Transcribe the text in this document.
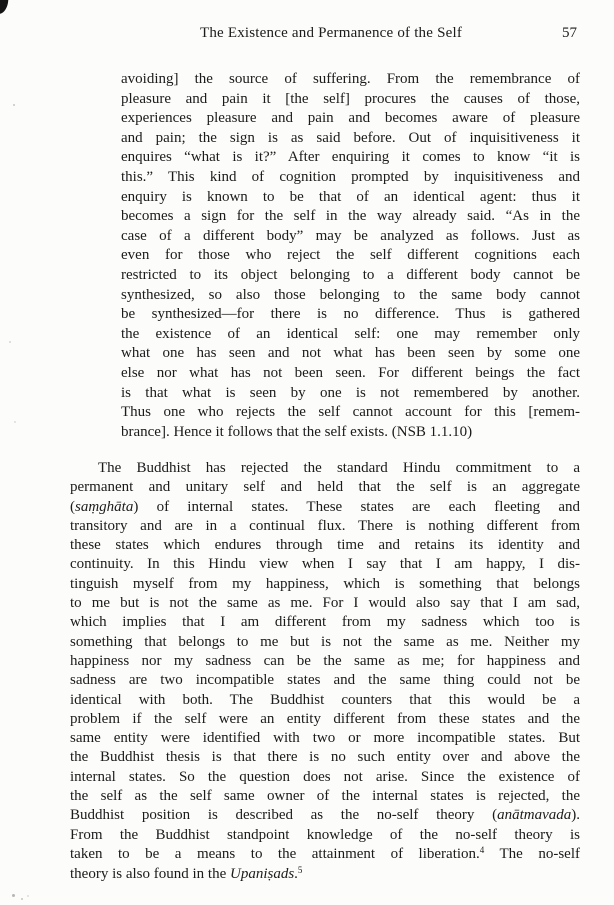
The Existence and Permanence of the Self	57
avoiding] the source of suffering. From the remembrance of
pleasure and pain it [the self] procures the causes of those,
experiences pleasure and pain and becomes aware of pleasure
and pain; the sign is as said before. Out of inquisitiveness it
enquires “what is it?” After enquiring it comes to know “it is
this.” This kind of cognition prompted by inquisitiveness and
enquiry is known to be that of an identical agent: thus it
becomes a sign for the self in the way already said. “As in the
case of a different body” may be analyzed as follows. Just as
even for those who reject the self different cognitions each
restricted to its object belonging to a different body cannot be
synthesized, so also those belonging to the same body cannot
be synthesized—for there is no difference. Thus is gathered
the existence of an identical self: one may remember only
what one has seen and not what has been seen by some one
else nor what has not been seen. For different beings the fact
is that what is seen by one is not remembered by another.
Thus one who rejects the self cannot account for this [remem-
brance]. Hence it follows that the self exists. (NSB 1.1.10)
The Buddhist has rejected the standard Hindu commitment to a
permanent and unitary self and held that the self is an aggregate
(saṃghāta) of internal states. These states are each fleeting and
transitory and are in a continual flux. There is nothing different from
these states which endures through time and retains its identity and
continuity. In this Hindu view when I say that I am happy, I dis-
tinguish myself from my happiness, which is something that belongs
to me but is not the same as me. For I would also say that I am sad,
which implies that I am different from my sadness which too is
something that belongs to me but is not the same as me. Neither my
happiness nor my sadness can be the same as me; for happiness and
sadness are two incompatible states and the same thing could not be
identical with both. The Buddhist counters that this would be a
problem if the self were an entity different from these states and the
same entity were identified with two or more incompatible states. But
the Buddhist thesis is that there is no such entity over and above the
internal states. So the question does not arise. Since the existence of
the self as the self same owner of the internal states is rejected, the
Buddhist position is described as the no-self theory (anātmavada).
From the Buddhist standpoint knowledge of the no-self theory is
taken to be a means to the attainment of liberation.$^4$ The no-self
theory is also found in the Upaniṣads.$^5$
